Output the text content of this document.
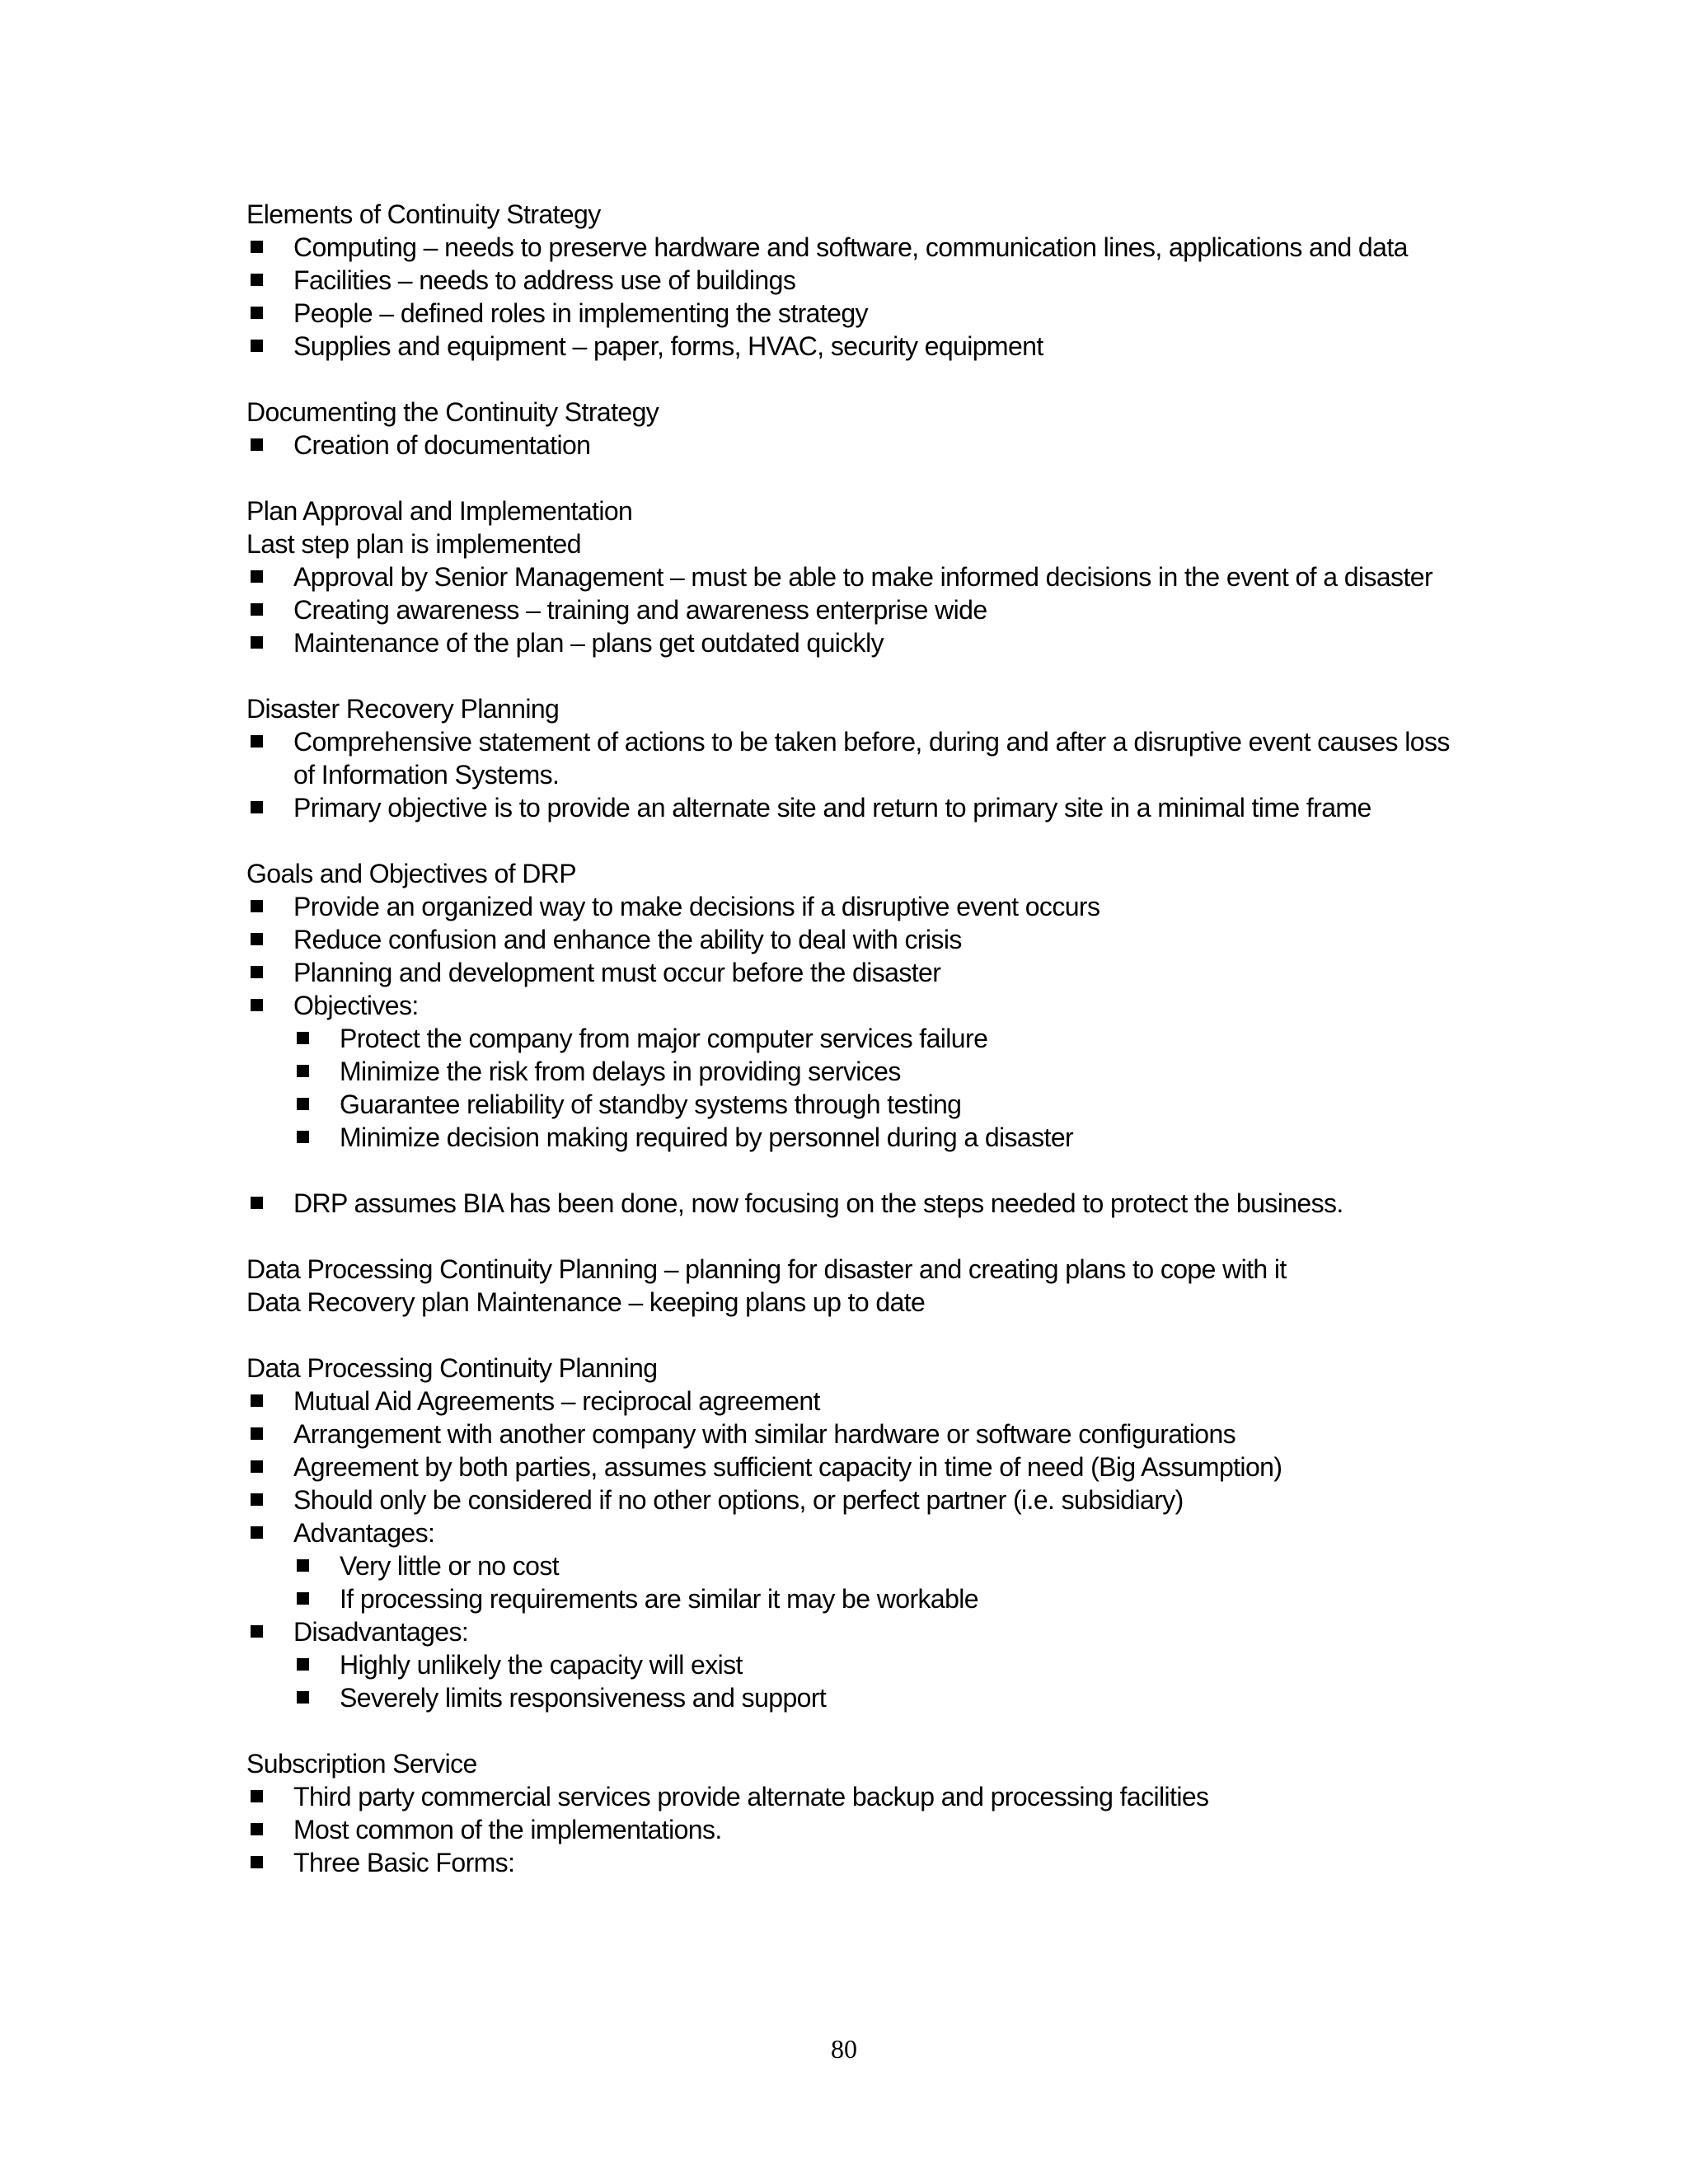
Elements of Continuity Strategy

Computing – needs to preserve hardware and software, communication lines, applications and data
Facilities – needs to address use of buildings
People – defined roles in implementing the strategy
Supplies and equipment – paper, forms, HVAC, security equipment

Documenting the Continuity Strategy

Creation of documentation

Plan Approval and Implementation

Last step plan is implemented

Approval by Senior Management – must be able to make informed decisions in the event of a disaster
Creating awareness – training and awareness enterprise wide
Maintenance of the plan – plans get outdated quickly

Disaster Recovery Planning

Comprehensive statement of actions to be taken before, during and after a disruptive event causes loss of Information Systems.
Primary objective is to provide an alternate site and return to primary site in a minimal time frame

Goals and Objectives of DRP

Provide an organized way to make decisions if a disruptive event occurs
Reduce confusion and enhance the ability to deal with crisis
Planning and development must occur before the disaster
Objectives:
Protect the company from major computer services failure
Minimize the risk from delays in providing services
Guarantee reliability of standby systems through testing
Minimize decision making required by personnel during a disaster
DRP assumes BIA has been done, now focusing on the steps needed to protect the business.

Data Processing Continuity Planning – planning for disaster and creating plans to cope with it

Data Recovery plan Maintenance – keeping plans up to date

Data Processing Continuity Planning

Mutual Aid Agreements – reciprocal agreement
Arrangement with another company with similar hardware or software configurations
Agreement by both parties, assumes sufficient capacity in time of need (Big Assumption)
Should only be considered if no other options, or perfect partner (i.e. subsidiary)
Advantages:
Very little or no cost
If processing requirements are similar it may be workable
Disadvantages:
Highly unlikely the capacity will exist
Severely limits responsiveness and support

Subscription Service

Third party commercial services provide alternate backup and processing facilities
Most common of the implementations.
Three Basic Forms:
80
